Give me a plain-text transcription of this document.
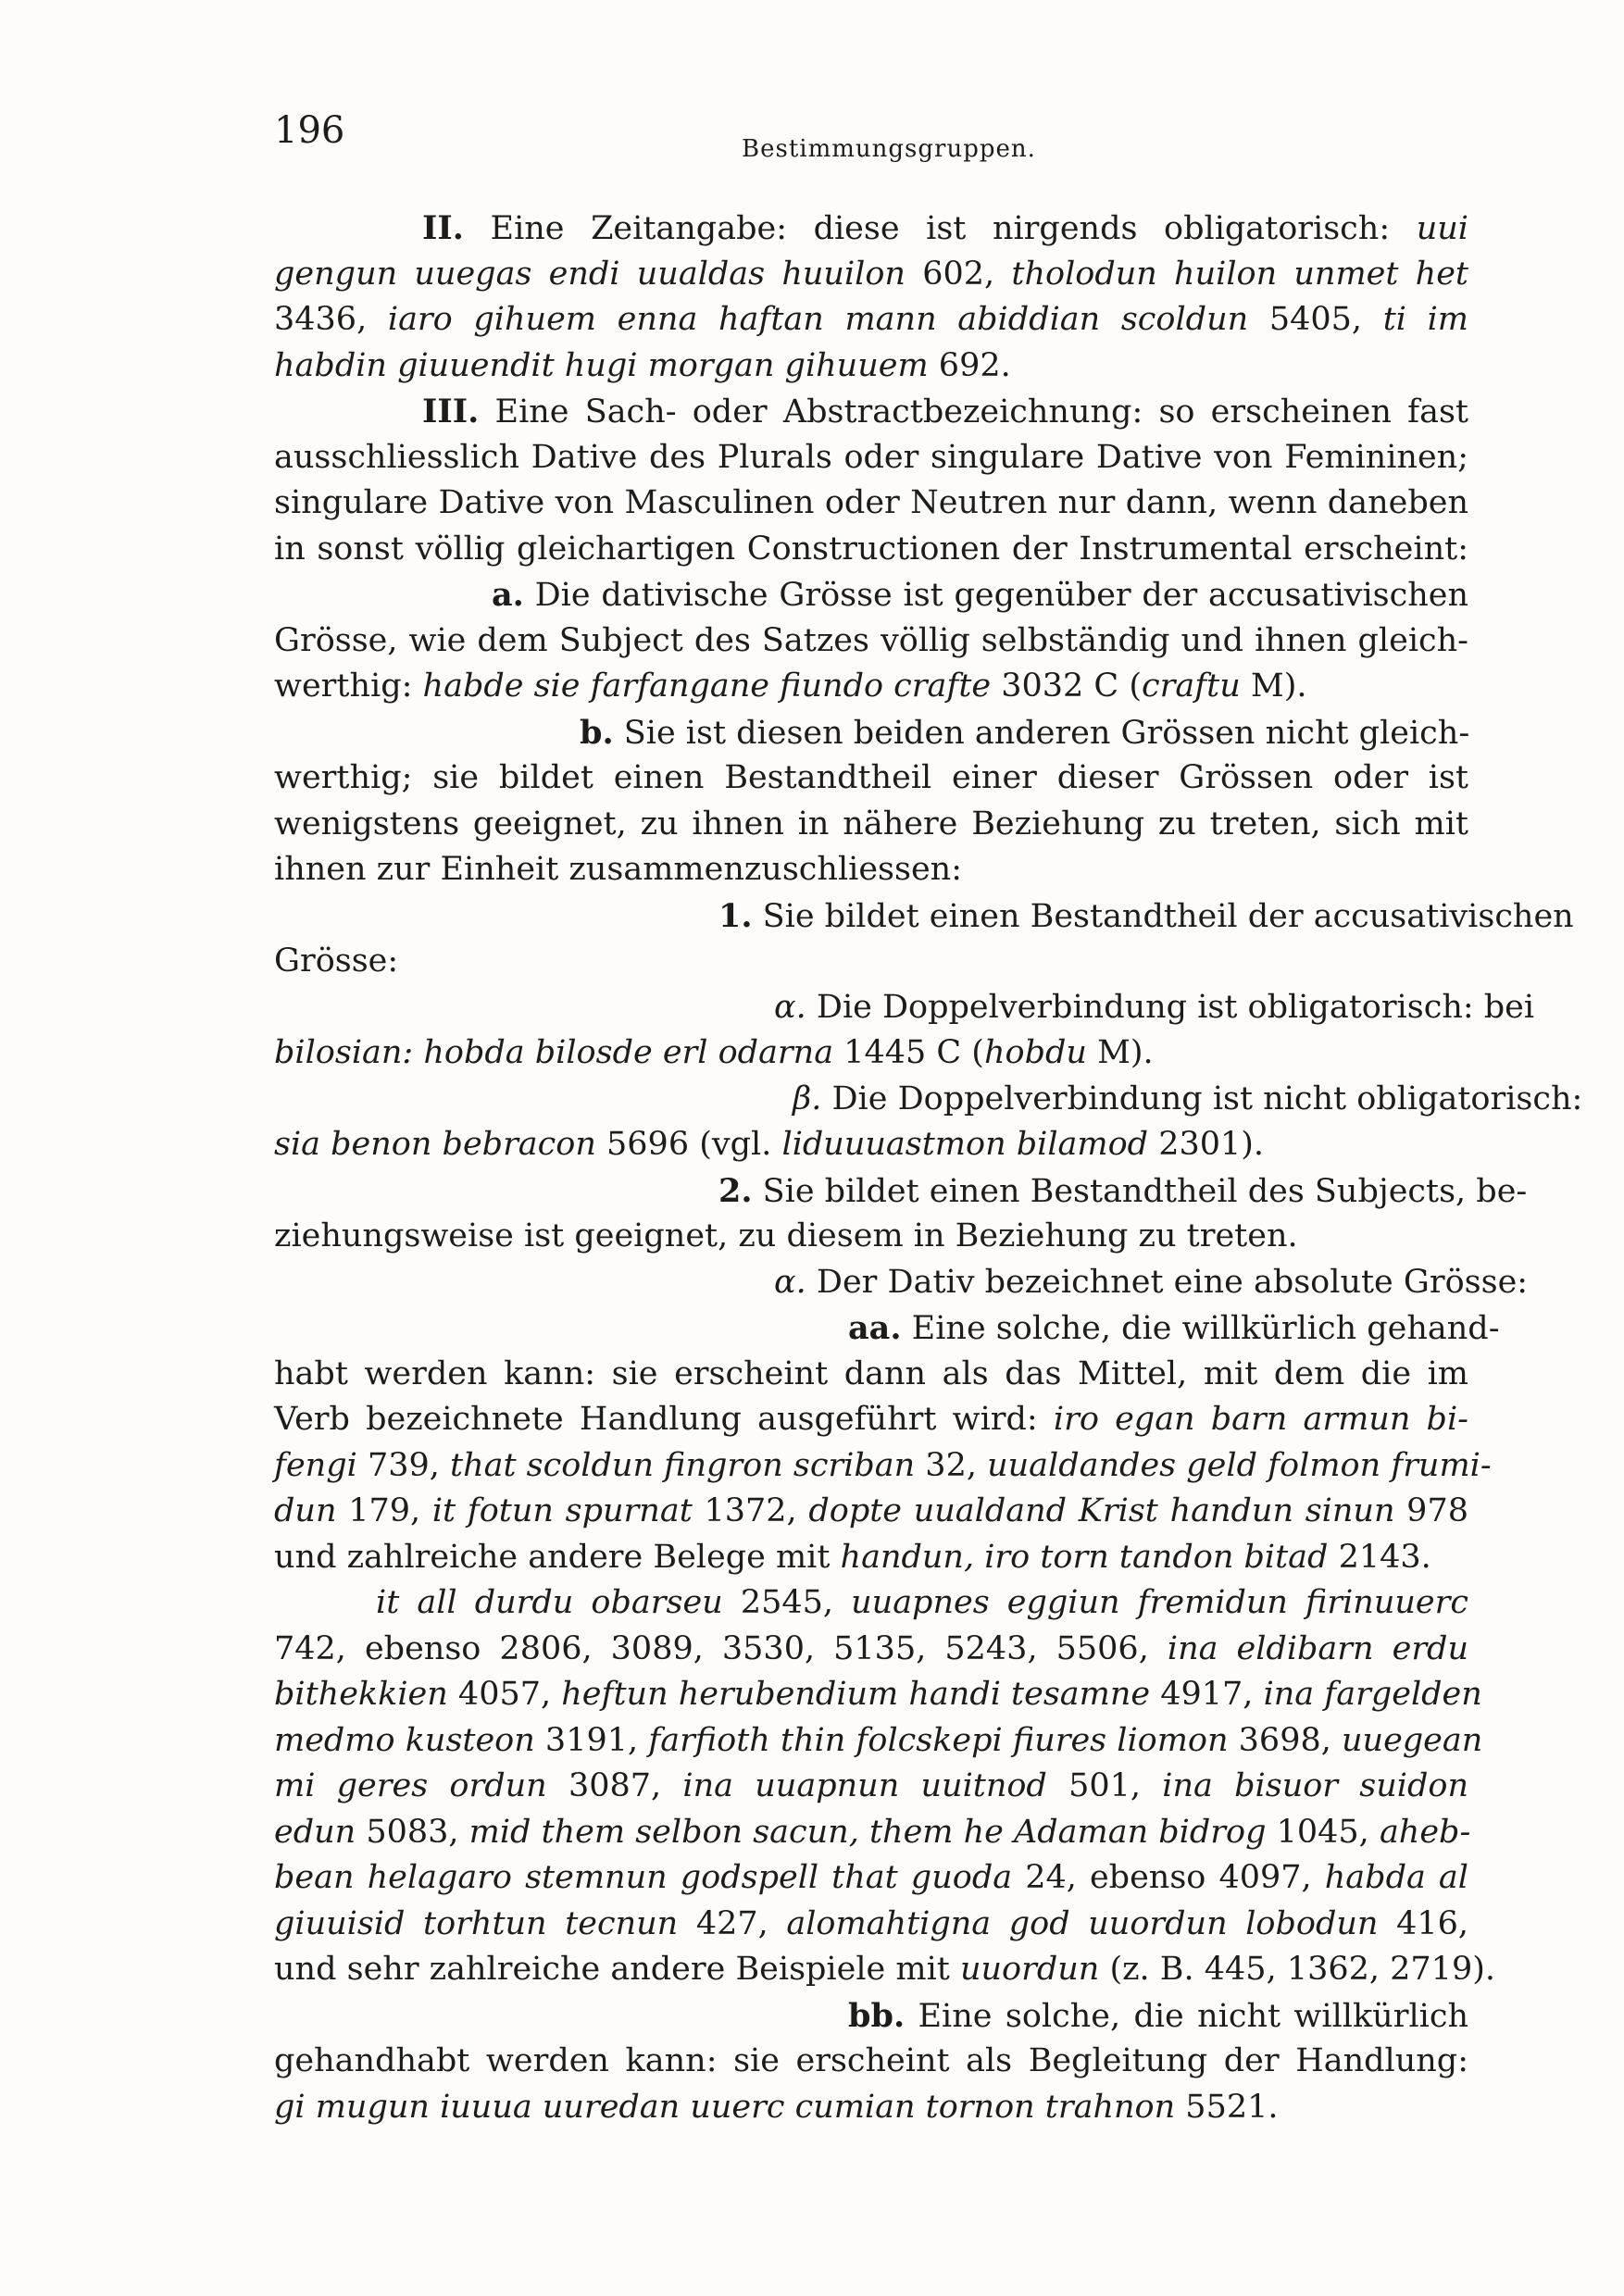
196	Bestimmungsgruppen.
II. Eine Zeitangabe: diese ist nirgends obligatorisch: uui
gengun uuegas endi uualdas huuilon 602, tholodun huilon unmet het
3436, iaro gihuem enna haftan mann abiddian scoldun 5405, ti im
habdin giuuendit hugi morgan gihuuem 692.
III. Eine Sach- oder Abstractbezeichnung: so erscheinen fast
ausschliesslich Dative des Plurals oder singulare Dative von Femininen;
singulare Dative von Masculinen oder Neutren nur dann, wenn daneben
in sonst völlig gleichartigen Constructionen der Instrumental erscheint:
a. Die dativische Grösse ist gegenüber der accusativischen
Grösse, wie dem Subject des Satzes völlig selbständig und ihnen gleich-
werthig: habde sie farfangane fiundo crafte 3032 C (craftu M).
b. Sie ist diesen beiden anderen Grössen nicht gleich-
werthig; sie bildet einen Bestandtheil einer dieser Grössen oder ist
wenigstens geeignet, zu ihnen in nähere Beziehung zu treten, sich mit
ihnen zur Einheit zusammenzuschliessen:
1. Sie bildet einen Bestandtheil der accusativischen
Grösse:
α. Die Doppelverbindung ist obligatorisch: bei
bilosian: hobda bilosde erl odarna 1445 C (hobdu M).
β. Die Doppelverbindung ist nicht obligatorisch:
sia benon bebracon 5696 (vgl. liduuuastmon bilamod 2301).
2. Sie bildet einen Bestandtheil des Subjects, be-
ziehungsweise ist geeignet, zu diesem in Beziehung zu treten.
α. Der Dativ bezeichnet eine absolute Grösse:
aa. Eine solche, die willkürlich gehand-
habt werden kann: sie erscheint dann als das Mittel, mit dem die im
Verb bezeichnete Handlung ausgeführt wird: iro egan barn armun bi-
fengi 739, that scoldun fingron scriban 32, uualdandes geld folmon frumi-
dun 179, it fotun spurnat 1372, dopte uualdand Krist handun sinun 978
und zahlreiche andere Belege mit handun, iro torn tandon bitad 2143.
it all durdu obarseu 2545, uuapnes eggiun fremidun firinuuerc
742, ebenso 2806, 3089, 3530, 5135, 5243, 5506, ina eldibarn erdu
bithekkien 4057, heftun herubendium handi tesamne 4917, ina fargelden
medmo kusteon 3191, farfioth thin folcskepi fiures liomon 3698, uuegean
mi geres ordun 3087, ina uuapnun uuitnod 501, ina bisuor suidon
edun 5083, mid them selbon sacun, them he Adaman bidrog 1045, aheb-
bean helagaro stemnun godspell that guoda 24, ebenso 4097, habda al
giuuisid torhtun tecnun 427, alomahtigna god uuordun lobodun 416,
und sehr zahlreiche andere Beispiele mit uuordun (z. B. 445, 1362, 2719).
bb. Eine solche, die nicht willkürlich
gehandhabt werden kann: sie erscheint als Begleitung der Handlung:
gi mugun iuuua uuredan uuerc cumian tornon trahnon 5521.
